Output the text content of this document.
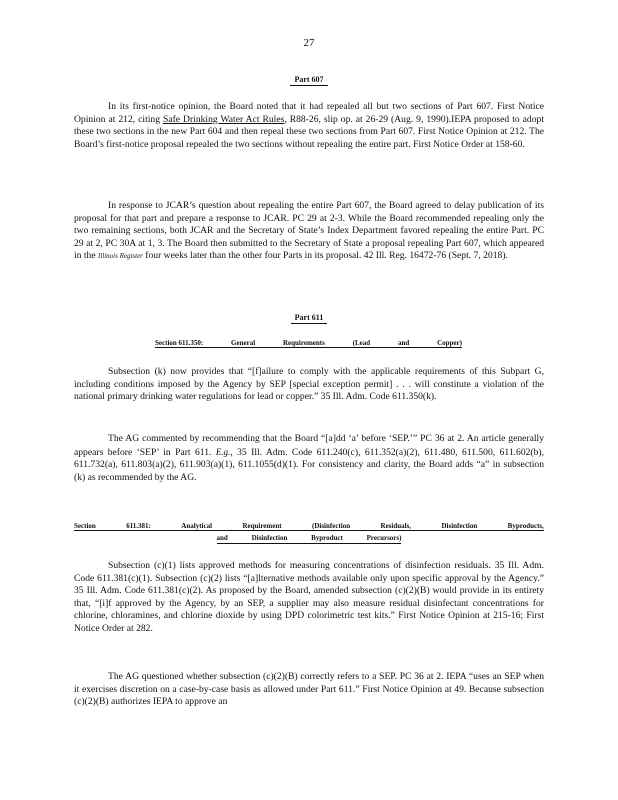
27
Part 607

In its first-notice opinion, the Board noted that it had repealed all but two sections of Part 607. First Notice Opinion at 212, citing Safe Drinking Water Act Rules, R88-26, slip op. at 26-29 (Aug. 9, 1990).IEPA proposed to adopt these two sections in the new Part 604 and then repeal these two sections from Part 607. First Notice Opinion at 212. The Board’s first-notice proposal repealed the two sections without repealing the entire part. First Notice Order at 158-60.

In response to JCAR’s question about repealing the entire Part 607, the Board agreed to delay publication of its proposal for that part and prepare a response to JCAR. PC 29 at 2-3. While the Board recommended repealing only the two remaining sections, both JCAR and the Secretary of State’s Index Department favored repealing the entire Part. PC 29 at 2, PC 30A at 1, 3. The Board then submitted to the Secretary of State a proposal repealing Part 607, which appeared in the Illinois Register four weeks later than the other four Parts in its proposal. 42 Ill. Reg. 16472-76 (Sept. 7, 2018).

Part 611
Section 611.350:	General	Requirements	(Lead	and	Copper)

Subsection (k) now provides that “[f]ailure to comply with the applicable requirements of this Subpart G, including conditions imposed by the Agency by SEP [special exception permit] . . . will constitute a violation of the national primary drinking water regulations for lead or copper.” 35 Ill. Adm. Code 611.350(k).

The AG commented by recommending that the Board “[a]dd ‘a’ before ‘SEP.’” PC 36 at 2. An article generally appears before ‘SEP’ in Part 611. E.g., 35 Ill. Adm. Code 611.240(c), 611.352(a)(2), 611.480, 611.500, 611.602(b), 611.732(a), 611.803(a)(2), 611.903(a)(1), 611.1055(d)(1). For consistency and clarity, the Board adds “a” in subsection (k) as recommended by the AG.

Section	611.381:	Analytical	Requirement	(Disinfection	Residuals,	Disinfection	Byproducts,
and Disinfection Byproduct Precursors)

Subsection (c)(1) lists approved methods for measuring concentrations of disinfection residuals. 35 Ill. Adm. Code 611.381(c)(1). Subsection (c)(2) lists “[a]lternative methods available only upon specific approval by the Agency.” 35 Ill. Adm. Code 611.381(c)(2). As proposed by the Board, amended subsection (c)(2)(B) would provide in its entirety that, “[i]f approved by the Agency, by an SEP, a supplier may also measure residual disinfectant concentrations for chlorine, chloramines, and chlorine dioxide by using DPD colorimetric test kits.” First Notice Opinion at 215-16; First Notice Order at 282.

The AG questioned whether subsection (c)(2)(B) correctly refers to a SEP. PC 36 at 2. IEPA “uses an SEP when it exercises discretion on a case-by-case basis as allowed under Part 611.” First Notice Opinion at 49. Because subsection (c)(2)(B) authorizes IEPA to approve an
